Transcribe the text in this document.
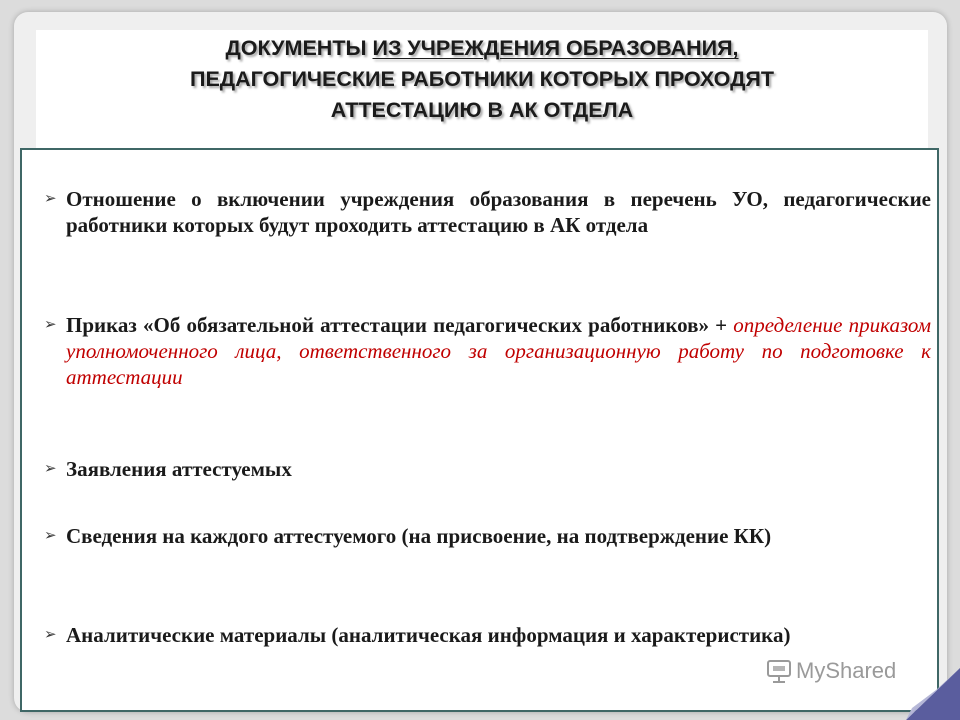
ДОКУМЕНТЫ ИЗ УЧРЕЖДЕНИЯ ОБРАЗОВАНИЯ,
ПЕДАГОГИЧЕСКИЕ РАБОТНИКИ КОТОРЫХ ПРОХОДЯТ
АТТЕСТАЦИЮ В АК ОТДЕЛА
➢ Отношение о включении учреждения образования в перечень УО, педагогические работники которых будут проходить аттестацию в АК отдела
➢ Приказ «Об обязательной аттестации педагогических работников» + определение приказом уполномоченного лица, ответственного за организационную работу по подготовке к аттестации
➢ Заявления аттестуемых
➢ Сведения на каждого аттестуемого (на присвоение, на подтверждение КК)
➢ Аналитические материалы (аналитическая информация и характеристика)
MyShared
